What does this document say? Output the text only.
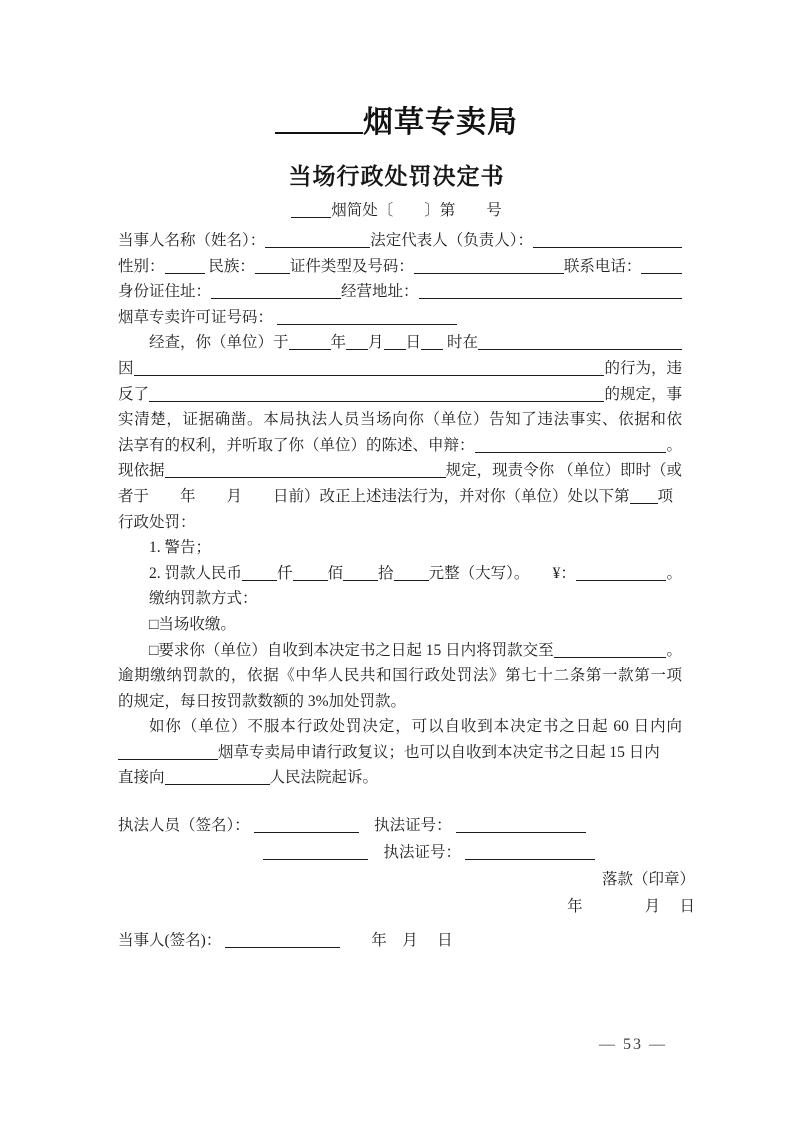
烟草专卖局
当场行政处罚决定书
烟简处〔　　〕第　　号
当事人名称（姓名）：	法定代表人（负责人）：
性别：	民族： 证件类型及号码：	联系电话：
身份证住址：	经营地址：
烟草专卖许可证号码：
　　经查，你（单位）于	年 月 日 时在
因	的行为，违
反了	的规定，事
实清楚，证据确凿。本局执法人员当场向你（单位）告知了违法事实、依据和依
法享有的权利，并听取了你（单位）的陈述、申辩：	。
现依据	规定，现责令你 （单位）即时（或
者于　　年　　月　　日前）改正上述违法行为，并对你（单位）处以下第 项
行政处罚：
　　1. 警告；
　　2. 罚款人民币 仟 佰 拾 元整（大写）。　　¥：	。
　　缴纳罚款方式：

□ 当场收缴。

□ 要求你（单位）自收到本决定书之日起 15 日内将罚款交至	。
逾期缴纳罚款的，依据《中华人民共和国行政处罚法》第七十二条第一款第一项
的规定，每日按罚款数额的 3%加处罚款。
如你（单位）不服本行政处罚决定，可以自收到本决定书之日起 60 日内向
烟草专卖局申请行政复议；也可以自收到本决定书之日起 15 日内
直接向	人民法院起诉。
执法人员（签名）：	　执法证号：
　执法证号：
落款（印章）
年　　　　月　 日
当事人(签名)：	　　年　月　 日
— 53 —
